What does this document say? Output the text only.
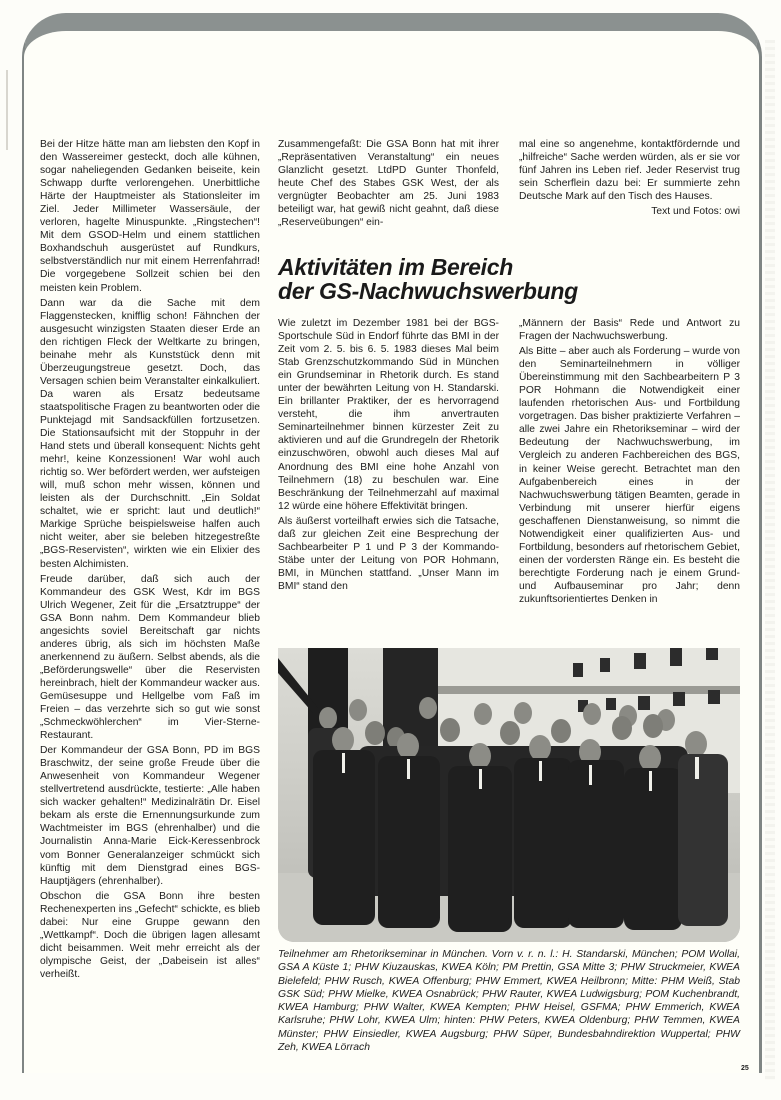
Bei der Hitze hätte man am liebsten den Kopf in den Wassereimer gesteckt, doch alle kühnen, sogar naheliegenden Gedanken beiseite, kein Schwapp durfte verlorengehen. Unerbittliche Härte der Hauptmeister als Stationsleiter im Ziel. Jeder Millimeter Wassersäule, der verloren, hagelte Minuspunkte. „Ringstechen“! Mit dem GSOD-Helm und einem stattlichen Boxhandschuh ausgerüstet auf Rundkurs, selbstverständlich nur mit einem Herrenfahrrad! Die vorgegebene Sollzeit schien bei den meisten kein Problem.

Dann war da die Sache mit dem Flaggenstecken, knifflig schon! Fähnchen der ausgesucht winzigsten Staaten dieser Erde an den richtigen Fleck der Weltkarte zu bringen, beinahe mehr als Kunststück denn mit Überzeugungstreue gesetzt. Doch, das Versagen schien beim Veranstalter einkalkuliert. Da waren als Ersatz bedeutsame staatspolitische Fragen zu beantworten oder die Punktejagd mit Sandsackfüllen fortzusetzen. Die Stationsaufsicht mit der Stoppuhr in der Hand stets und überall konsequent: Nichts geht mehr!, keine Konzessionen! War wohl auch richtig so. Wer befördert werden, wer aufsteigen will, muß schon mehr wissen, können und leisten als der Durchschnitt. „Ein Soldat schaltet, wie er spricht: laut und deutlich!“ Markige Sprüche beispielsweise halfen auch nicht weiter, aber sie beleben hitzegestreßte „BGS-Reservisten“, wirkten wie ein Elixier des besten Alchimisten.

Freude darüber, daß sich auch der Kommandeur des GSK West, Kdr im BGS Ulrich Wegener, Zeit für die „Ersatztruppe“ der GSA Bonn nahm. Dem Kommandeur blieb angesichts soviel Bereitschaft gar nichts anderes übrig, als sich im höchsten Maße anerkennend zu äußern. Selbst abends, als die „Beförderungswelle“ über die Reservisten hereinbrach, hielt der Kommandeur wacker aus. Gemüsesuppe und Hellgelbe vom Faß im Freien – das verzehrte sich so gut wie sonst „Schmeckwöhlerchen“ im Vier-Sterne-Restaurant.

Der Kommandeur der GSA Bonn, PD im BGS Braschwitz, der seine große Freude über die Anwesenheit von Kommandeur Wegener stellvertretend ausdrückte, testierte: „Alle haben sich wacker gehalten!“ Medizinalrätin Dr. Eisel bekam als erste die Ernennungsurkunde zum Wachtmeister im BGS (ehrenhalber) und die Journalistin Anna-Marie Eick-Keressenbrock vom Bonner Generalanzeiger schmückt sich künftig mit dem Dienstgrad eines BGS-Hauptjägers (ehrenhalber).

Obschon die GSA Bonn ihre besten Rechenexperten ins „Gefecht“ schickte, es blieb dabei: Nur eine Gruppe gewann den „Wettkampf“. Doch die übrigen lagen allesamt dicht beisammen. Weit mehr erreicht als der olympische Geist, der „Dabeisein ist alles“ verheißt.

Zusammengefaßt: Die GSA Bonn hat mit ihrer „Repräsentativen Veranstaltung“ ein neues Glanzlicht gesetzt. LtdPD Gunter Thonfeld, heute Chef des Stabes GSK West, der als vergnügter Beobachter am 25. Juni 1983 beteiligt war, hat gewiß nicht geahnt, daß diese „Reserveübungen“ ein-

mal eine so angenehme, kontaktfördernde und „hilfreiche“ Sache werden würden, als er sie vor fünf Jahren ins Leben rief. Jeder Reservist trug sein Scherflein dazu bei: Er summierte zehn Deutsche Mark auf den Tisch des Hauses.

Text und Fotos: owi

Aktivitäten im Bereich
der GS-Nachwuchswerbung

Wie zuletzt im Dezember 1981 bei der BGS-Sportschule Süd in Endorf führte das BMI in der Zeit vom 2. 5. bis 6. 5. 1983 dieses Mal beim Stab Grenzschutzkommando Süd in München ein Grundseminar in Rhetorik durch. Es stand unter der bewährten Leitung von H. Standarski. Ein brillanter Praktiker, der es hervorragend versteht, die ihm anvertrauten Seminarteilnehmer binnen kürzester Zeit zu aktivieren und auf die Grundregeln der Rhetorik einzuschwören, obwohl auch dieses Mal auf Anordnung des BMI eine hohe Anzahl von Teilnehmern (18) zu beschulen war. Eine Beschränkung der Teilnehmerzahl auf maximal 12 würde eine höhere Effektivität bringen.

Als äußerst vorteilhaft erwies sich die Tatsache, daß zur gleichen Zeit eine Besprechung der Sachbearbeiter P 1 und P 3 der Kommando-Stäbe unter der Leitung von POR Hohmann, BMI, in München stattfand. „Unser Mann im BMI“ stand den

„Männern der Basis“ Rede und Antwort zu Fragen der Nachwuchswerbung.

Als Bitte – aber auch als Forderung – wurde von den Seminarteilnehmern in völliger Übereinstimmung mit den Sachbearbeitern P 3 POR Hohmann die Notwendigkeit einer laufenden rhetorischen Aus- und Fortbildung vorgetragen. Das bisher praktizierte Verfahren – alle zwei Jahre ein Rhetorikseminar – wird der Bedeutung der Nachwuchswerbung, im Vergleich zu anderen Fachbereichen des BGS, in keiner Weise gerecht. Betrachtet man den Aufgabenbereich eines in der Nachwuchswerbung tätigen Beamten, gerade in Verbindung mit unserer hierfür eigens geschaffenen Dienstanweisung, so nimmt die Notwendigkeit einer qualifizierten Aus- und Fortbildung, besonders auf rhetorischem Gebiet, einen der vordersten Ränge ein. Es besteht die berechtigte Forderung nach je einem Grund- und Aufbauseminar pro Jahr; denn zukunftsorientiertes Denken in

Teilnehmer am Rhetorikseminar in München. Vorn v. r. n. l.: H. Standarski, München; POM Wollai, GSA A Küste 1; PHW Kiuzauskas, KWEA Köln; PM Prettin, GSA Mitte 3; PHW Struckmeier, KWEA Bielefeld; PHW Rusch, KWEA Offenburg; PHW Emmert, KWEA Heilbronn; Mitte: PHM Weiß, Stab GSK Süd; PHW Mielke, KWEA Osnabrück; PHW Rauter, KWEA Ludwigsburg; POM Kuchenbrandt, KWEA Hamburg; PHW Walter, KWEA Kempten; PHW Heisel, GSFMA; PHW Emmerich, KWEA Karlsruhe; PHW Lohr, KWEA Ulm; hinten: PHW Peters, KWEA Oldenburg; PHW Temmen, KWEA Münster; PHW Einsiedler, KWEA Augsburg; PHW Süper, Bundesbahndirektion Wuppertal; PHW Zeh, KWEA Lörrach
25
